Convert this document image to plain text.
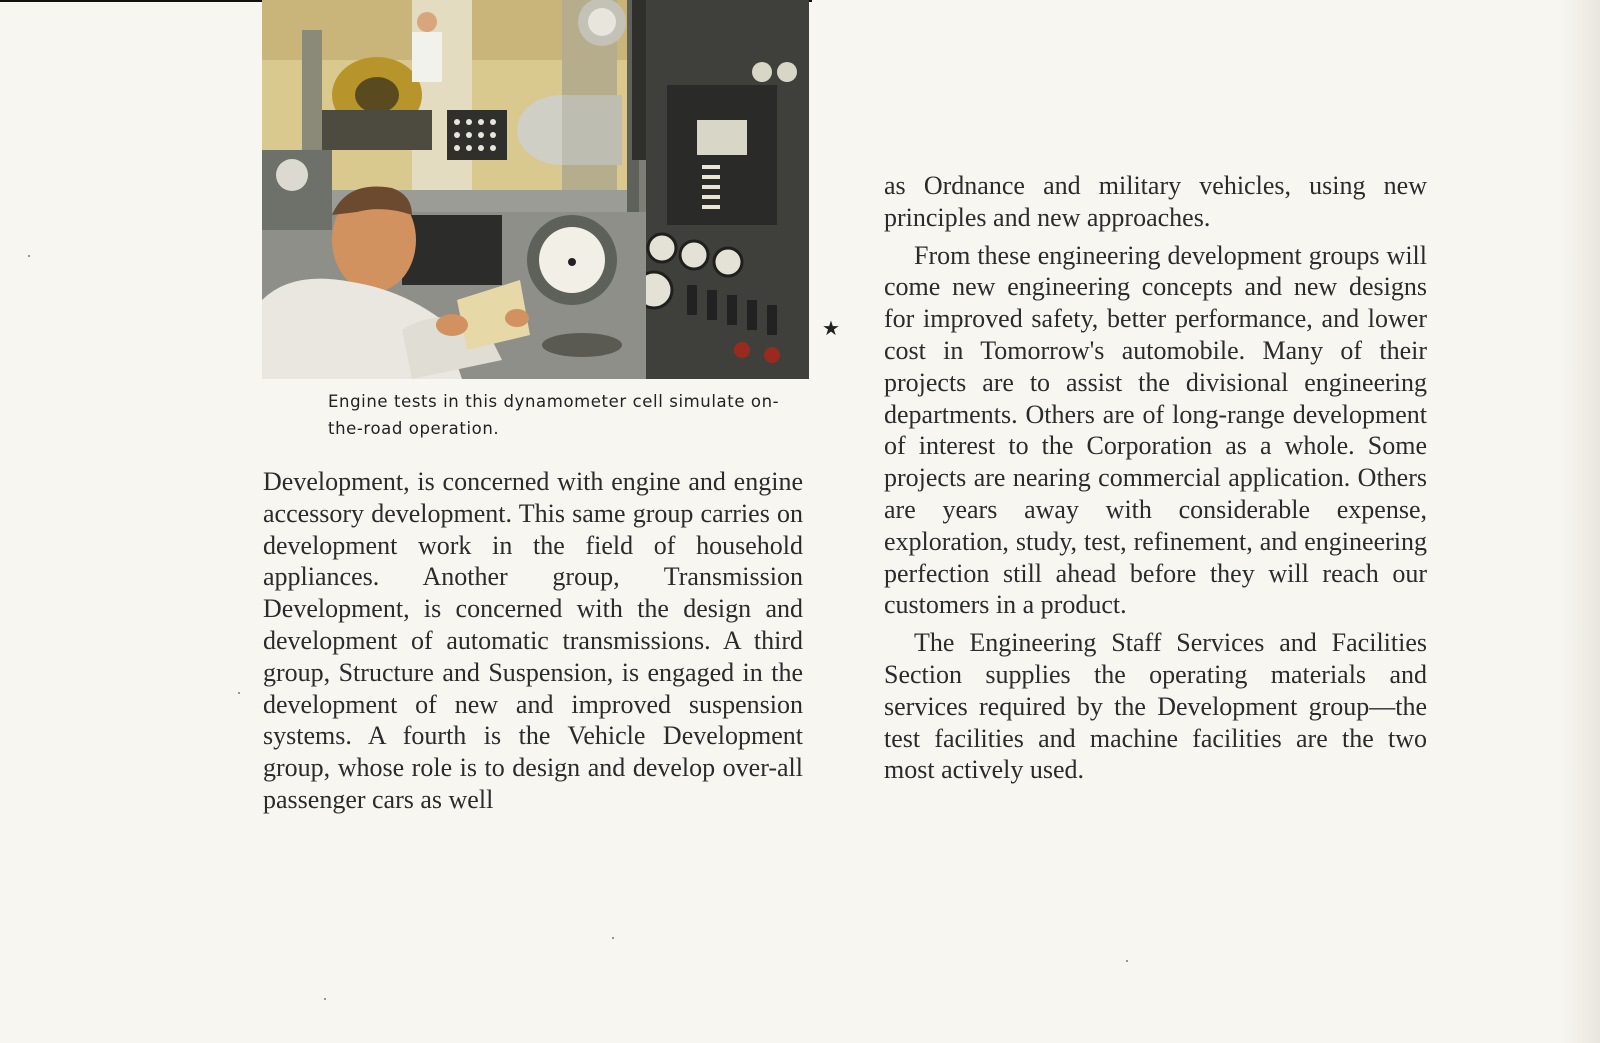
★
Engine tests in this dynamometer cell simulate on-the-road operation.

Development, is concerned with engine and engine accessory development. This same group carries on development work in the field of household appliances. Another group, Transmission Development, is concerned with the design and development of automatic transmissions. A third group, Structure and Suspension, is engaged in the development of new and improved suspension systems. A fourth is the Vehicle Development group, whose role is to design and develop over-all passenger cars as well

as Ordnance and military vehicles, using new principles and new approaches.

From these engineering development groups will come new engineering concepts and new designs for improved safety, better performance, and lower cost in Tomorrow's automobile. Many of their projects are to assist the divisional engineering departments. Others are of long-range development of interest to the Corporation as a whole. Some projects are nearing commercial application. Others are years away with considerable expense, exploration, study, test, refinement, and engineering perfection still ahead before they will reach our customers in a product.

The Engineering Staff Services and Facilities Section supplies the operating materials and services required by the Development group—the test facilities and machine facilities are the two most actively used.
